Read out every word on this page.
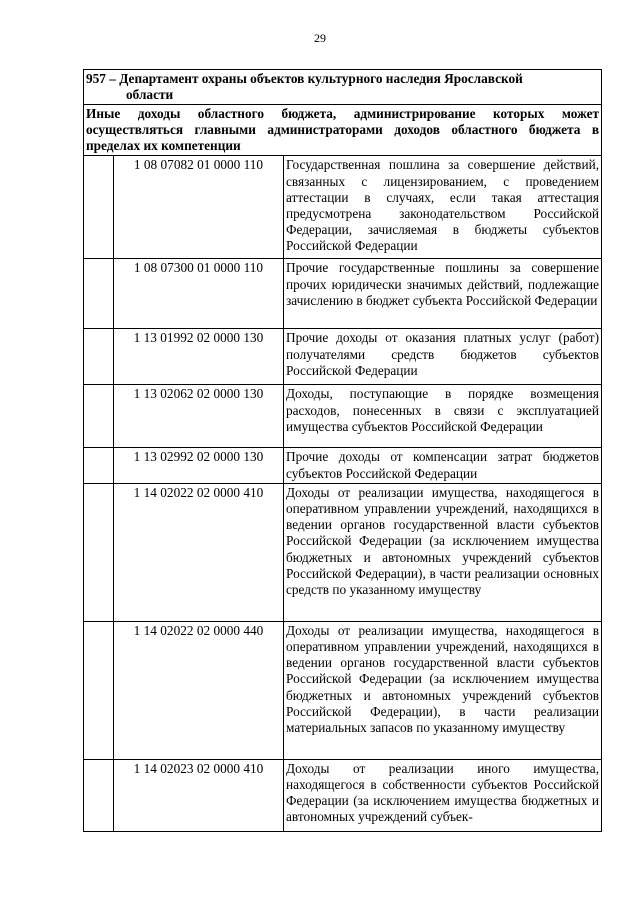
29
957 – Департамент охраны объектов культурного наследия Ярославской
области		

Иные доходы областного бюджета, администрирование которых может осуществляться главными администраторами доходов областного бюджета в пределах их компетенции		
	1 08 07082 01 0000 110	Государственная пошлина за совершение действий, связанных с лицензированием, с проведением аттестации в случаях, если такая аттестация предусмотрена законодательством Российской Федерации, зачисляемая в бюджеты субъектов Российской Федерации
	1 08 07300 01 0000 110	Прочие государственные пошлины за совершение прочих юридически значимых действий, подлежащие зачислению в бюджет субъекта Российской Федерации
	1 13 01992 02 0000 130	Прочие доходы от оказания платных услуг (работ) получателями средств бюджетов субъектов Российской Федерации
	1 13 02062 02 0000 130	Доходы, поступающие в порядке возмещения расходов, понесенных в связи с эксплуатацией имущества субъектов Российской Федерации
	1 13 02992 02 0000 130	Прочие доходы от компенсации затрат бюджетов субъектов Российской Федерации
	1 14 02022 02 0000 410	Доходы от реализации имущества, находящегося в оперативном управлении учреждений, находящихся в ведении органов государственной власти субъектов Российской Федерации (за исключением имущества бюджетных и автономных учреждений субъектов Российской Федерации), в части реализации основных средств по указанному имуществу
	1 14 02022 02 0000 440	Доходы от реализации имущества, находящегося в оперативном управлении учреждений, находящихся в ведении органов государственной власти субъектов Российской Федерации (за исключением имущества бюджетных и автономных учреждений субъектов Российской Федерации), в части реализации материальных запасов по указанному имуществу
	1 14 02023 02 0000 410	Доходы от реализации иного имущества, находящегося в собственности субъектов Российской Федерации (за исключением имущества бюджетных и автономных учреждений субъек-
